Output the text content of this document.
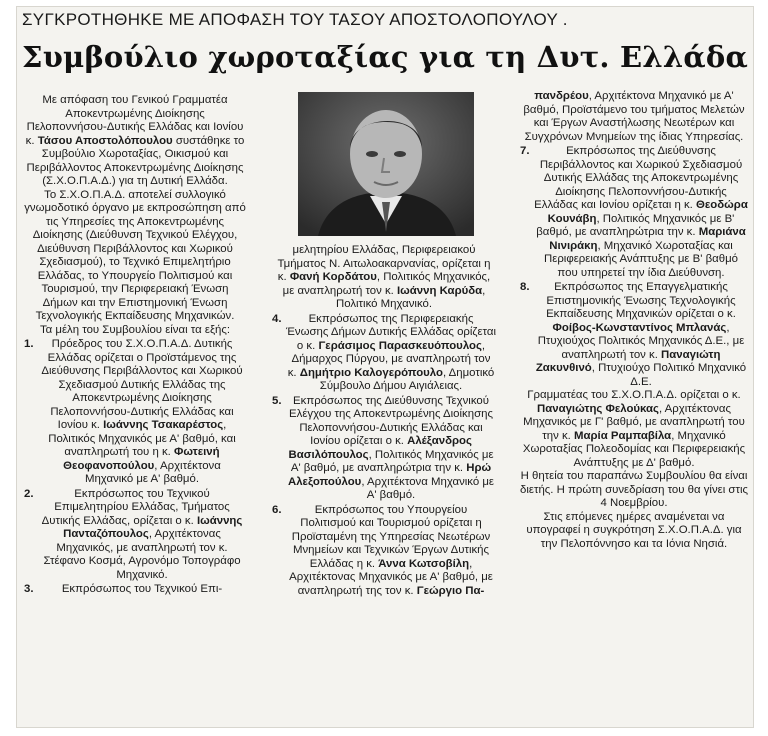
ΣΥΓΚΡΟΤΗΘΗΚΕ ΜΕ ΑΠΟΦΑΣΗ ΤΟΥ ΤΑΣΟΥ ΑΠΟΣΤΟΛΟΠΟΥΛΟΥ .
Συμβούλιο χωροταξίας για τη Δυτ. Ελλάδα

Με απόφαση του Γενικού Γραμματέα Αποκεντρωμένης Διοίκησης Πελοποννήσου-Δυτικής Ελλάδας και Ιονίου κ. Τάσου Αποστολόπουλου συστάθηκε το Συμβούλιο Χωροταξίας, Οικισμού και Περιβάλλοντος Αποκεντρωμένης Διοίκησης (Σ.Χ.Ο.Π.Α.Δ.) για τη Δυτική Ελλάδα.

Το Σ.Χ.Ο.Π.Α.Δ. αποτελεί συλλογικό γνωμοδοτικό όργανο με εκπροσώπηση από τις Υπηρεσίες της Αποκεντρωμένης Διοίκησης (Διεύθυνση Τεχνικού Ελέγχου, Διεύθυνση Περιβάλλοντος και Χωρικού Σχεδιασμού), το Τεχνικό Επιμελητήριο Ελλάδας, το Υπουργείο Πολιτισμού και Τουρισμού, την Περιφερειακή Ένωση Δήμων και την Επιστημονική Ένωση Τεχνολογικής Εκπαίδευσης Μηχανικών.

Τα μέλη του Συμβουλίου είναι τα εξής:

1.	Πρόεδρος του Σ.Χ.Ο.Π.Α.Δ. Δυτικής Ελλάδας ορίζεται ο Προϊστάμενος της Διεύθυνσης Περιβάλλοντος και Χωρικού Σχεδιασμού Δυτικής Ελλάδας της Αποκεντρωμένης Διοίκησης Πελοποννήσου-Δυτικής Ελλάδας και Ιονίου κ. Ιωάννης Τσακαρέστος, Πολιτικός Μηχανικός με Α' βαθμό, και αναπληρωτή του η κ. Φωτεινή Θεοφανοπούλου, Αρχιτέκτονα Μηχανικό με Α' βαθμό.
2.	Εκπρόσωπος του Τεχνικού Επιμελητηρίου Ελλάδας, Τμήματος Δυτικής Ελλάδας, ορίζεται ο κ. Ιωάννης Πανταζόπουλος, Αρχιτέκτονας Μηχανικός, με αναπληρωτή τον κ. Στέφανο Κοσμά, Αγρονόμο Τοπογράφο Μηχανικό.
3.	Εκπρόσωπος του Τεχνικού Επι-

μελητηρίου Ελλάδας, Περιφερειακού Τμήματος Ν. Αιτωλοακαρνανίας, ορίζεται η κ. Φανή Κορδάτου, Πολιτικός Μηχανικός, με αναπληρωτή τον κ. Ιωάννη Καρύδα, Πολιτικό Μηχανικό.

4.	Εκπρόσωπος της Περιφερειακής Ένωσης Δήμων Δυτικής Ελλάδας ορίζεται ο κ. Γεράσιμος Παρασκευόπουλος, Δήμαρχος Πύργου, με αναπληρωτή τον κ. Δημήτριο Καλογερόπουλο, Δημοτικό Σύμβουλο Δήμου Αιγιάλειας.
5.	Εκπρόσωπος της Διεύθυνσης Τεχνικού Ελέγχου της Αποκεντρωμένης Διοίκησης Πελοποννήσου-Δυτικής Ελλάδας και Ιονίου ορίζεται ο κ. Αλέξανδρος Βασιλόπουλος, Πολιτικός Μηχανικός με Α' βαθμό, με αναπληρώτρια την κ. Ηρώ Αλεξοπούλου, Αρχιτέκτονα Μηχανικό με Α' βαθμό.
6.	Εκπρόσωπος του Υπουργείου Πολιτισμού και Τουρισμού ορίζεται η Προϊσταμένη της Υπηρεσίας Νεωτέρων Μνημείων και Τεχνικών Έργων Δυτικής Ελλάδας η κ. Άννα Κωτσοβίλη, Αρχιτέκτονας Μηχανικός με Α' βαθμό, με αναπληρωτή της τον κ. Γεώργιο Πα-

πανδρέου, Αρχιτέκτονα Μηχανικό με Α' βαθμό, Προϊστάμενο του τμήματος Μελετών και Έργων Αναστήλωσης Νεωτέρων και Συγχρόνων Μνημείων της ίδιας Υπηρεσίας.

7.	Εκπρόσωπος της Διεύθυνσης Περιβάλλοντος και Χωρικού Σχεδιασμού Δυτικής Ελλάδας της Αποκεντρωμένης Διοίκησης Πελοποννήσου-Δυτικής Ελλάδας και Ιονίου ορίζεται η κ. Θεοδώρα Κουνάβη, Πολιτικός Μηχανικός με Β' βαθμό, με αναπληρώτρια την κ. Μαριάνα Νινιράκη, Μηχανικό Χωροταξίας και Περιφερειακής Ανάπτυξης με Β' βαθμό που υπηρετεί την ίδια Διεύθυνση.
8.	Εκπρόσωπος της Επαγγελματικής Επιστημονικής Ένωσης Τεχνολογικής Εκπαίδευσης Μηχανικών ορίζεται ο κ. Φοίβος-Κωνσταντίνος Μπλανάς, Πτυχιούχος Πολιτικός Μηχανικός Δ.Ε., με αναπληρωτή τον κ. Παναγιώτη Ζακυνθινό, Πτυχιούχο Πολιτικό Μηχανικό Δ.Ε.

Γραμματέας του Σ.Χ.Ο.Π.Α.Δ. ορίζεται ο κ. Παναγιώτης Φελούκας, Αρχιτέκτονας Μηχανικός με Γ' βαθμό, με αναπληρωτή του την κ. Μαρία Ραμπαβίλα, Μηχανικό Χωροταξίας Πολεοδομίας και Περιφερειακής Ανάπτυξης με Δ' βαθμό.

Η θητεία του παραπάνω Συμβουλίου θα είναι διετής. Η πρώτη συνεδρίαση του θα γίνει στις 4 Νοεμβρίου.

Στις επόμενες ημέρες αναμένεται να υπογραφεί η συγκρότηση Σ.Χ.Ο.Π.Α.Δ. για την Πελοπόννησο και τα Ιόνια Νησιά.
